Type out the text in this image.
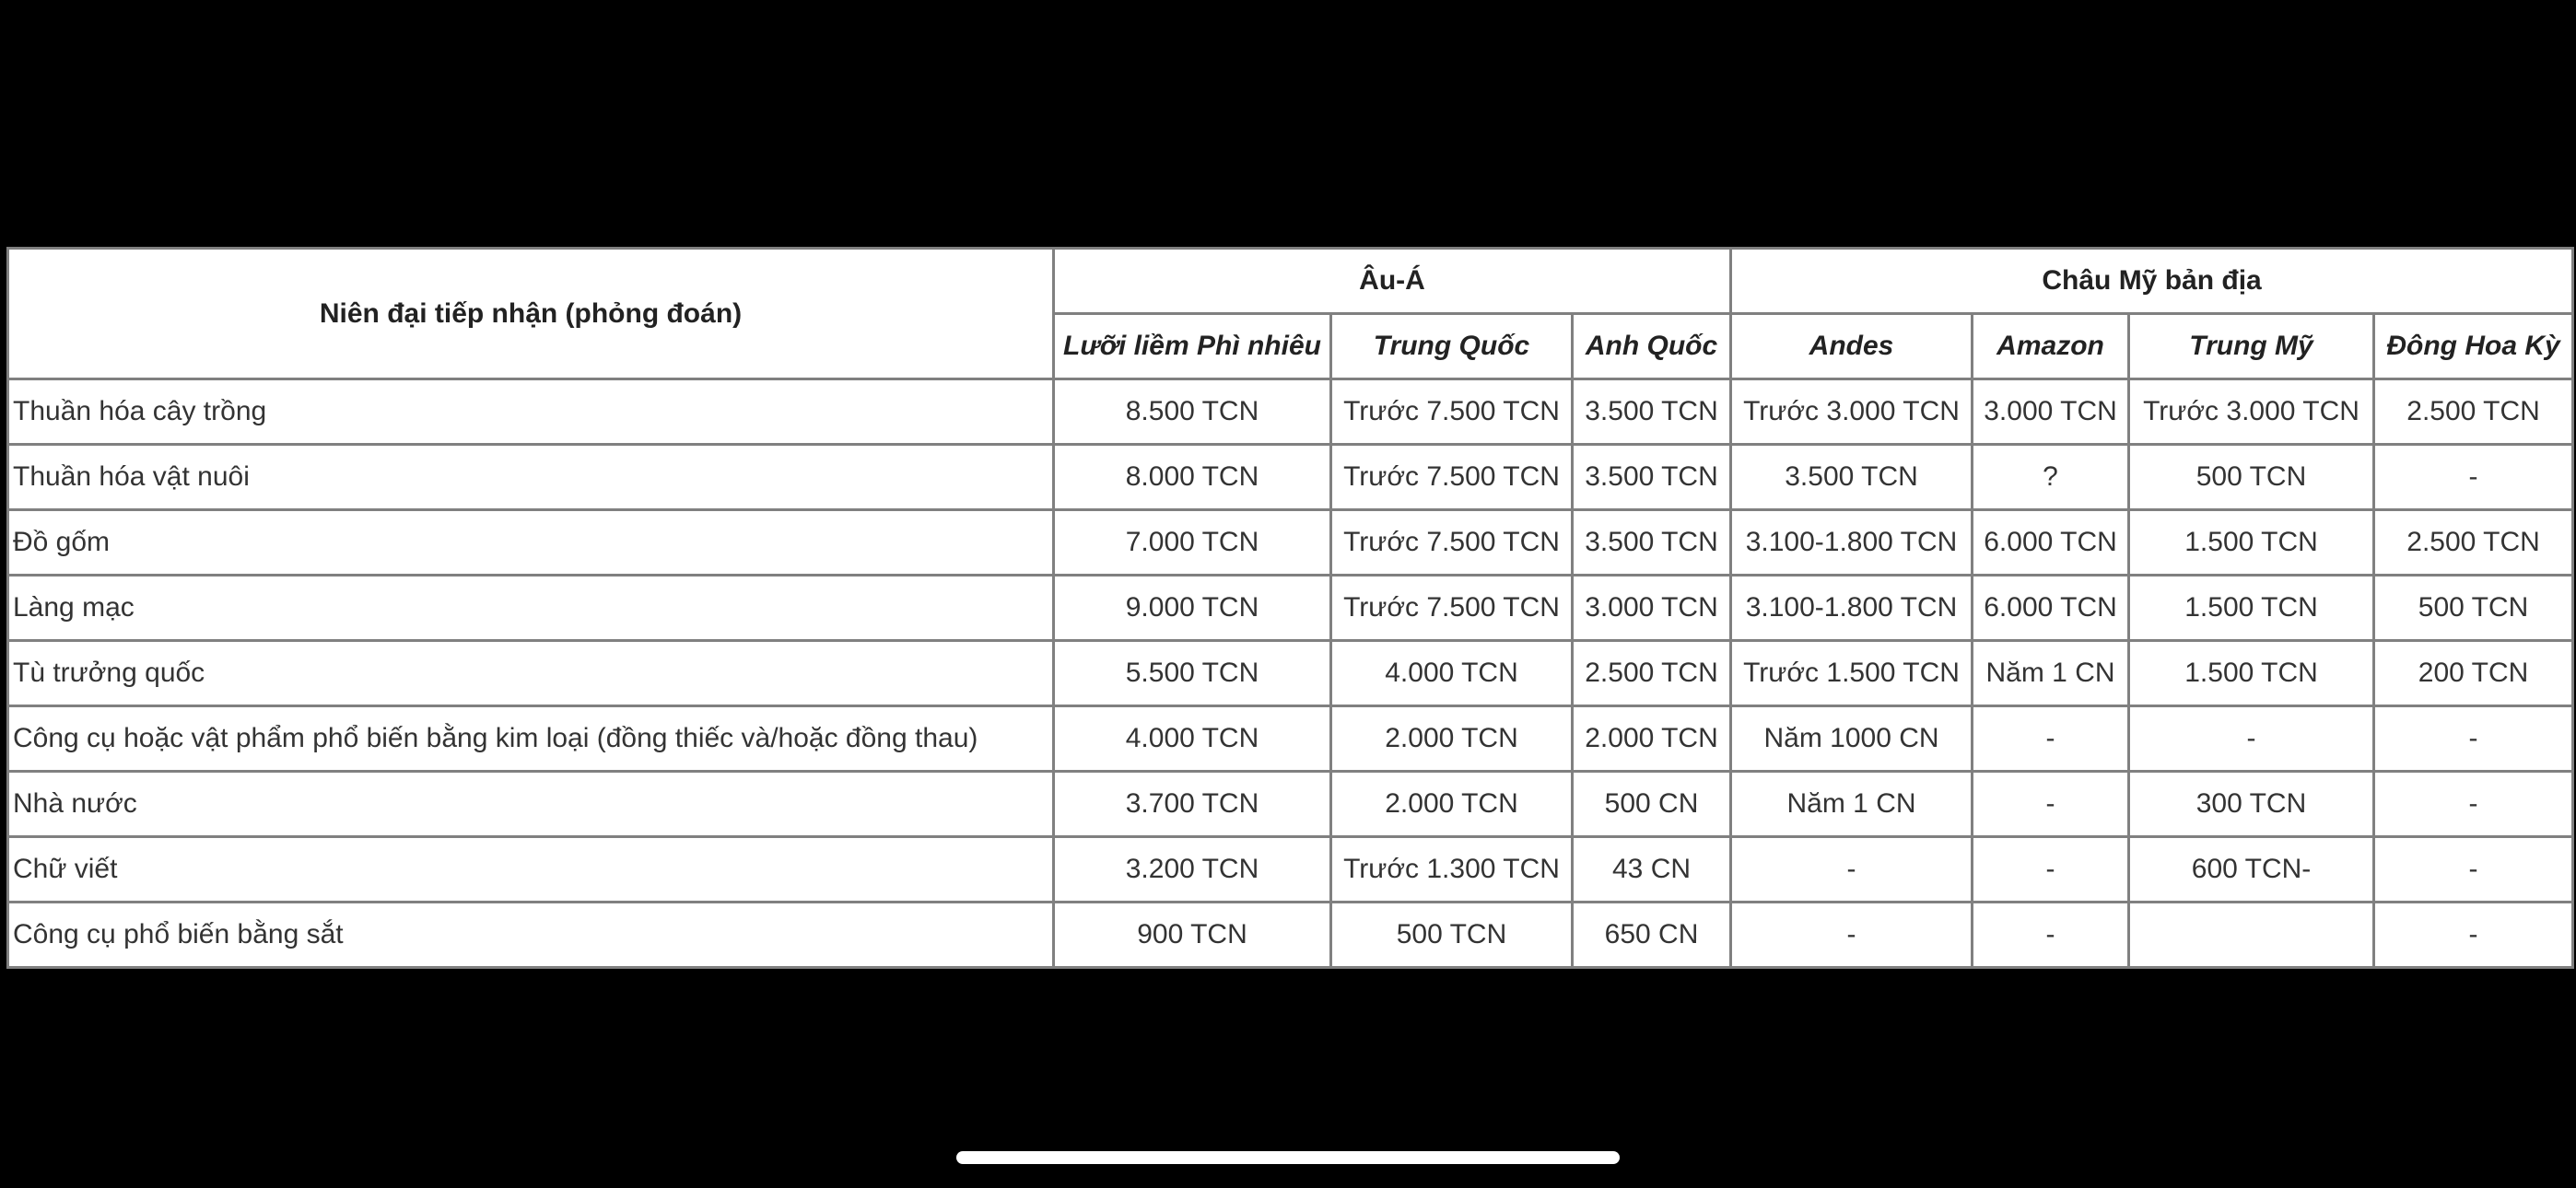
Niên đại tiếp nhận (phỏng đoán)	Âu-Á			Châu Mỹ bản địa			
	Lưỡi liềm Phì nhiêu	Trung Quốc	Anh Quốc	Andes	Amazon	Trung Mỹ	Đông Hoa Kỳ
Thuần hóa cây trồng	8.500 TCN	Trước 7.500 TCN	3.500 TCN	Trước 3.000 TCN	3.000 TCN	Trước 3.000 TCN	2.500 TCN
Thuần hóa vật nuôi	8.000 TCN	Trước 7.500 TCN	3.500 TCN	3.500 TCN	?	500 TCN	-
Đồ gốm	7.000 TCN	Trước 7.500 TCN	3.500 TCN	3.100-1.800 TCN	6.000 TCN	1.500 TCN	2.500 TCN
Làng mạc	9.000 TCN	Trước 7.500 TCN	3.000 TCN	3.100-1.800 TCN	6.000 TCN	1.500 TCN	500 TCN
Tù trưởng quốc	5.500 TCN	4.000 TCN	2.500 TCN	Trước 1.500 TCN	Năm 1 CN	1.500 TCN	200 TCN
Công cụ hoặc vật phẩm phổ biến bằng kim loại (đồng thiếc và/hoặc đồng thau)	4.000 TCN	2.000 TCN	2.000 TCN	Năm 1000 CN	-	-	-
Nhà nước	3.700 TCN	2.000 TCN	500 CN	Năm 1 CN	-	300 TCN	-
Chữ viết	3.200 TCN	Trước 1.300 TCN	43 CN	-	-	600 TCN-	-
Công cụ phổ biến bằng sắt	900 TCN	500 TCN	650 CN	-	-		-
